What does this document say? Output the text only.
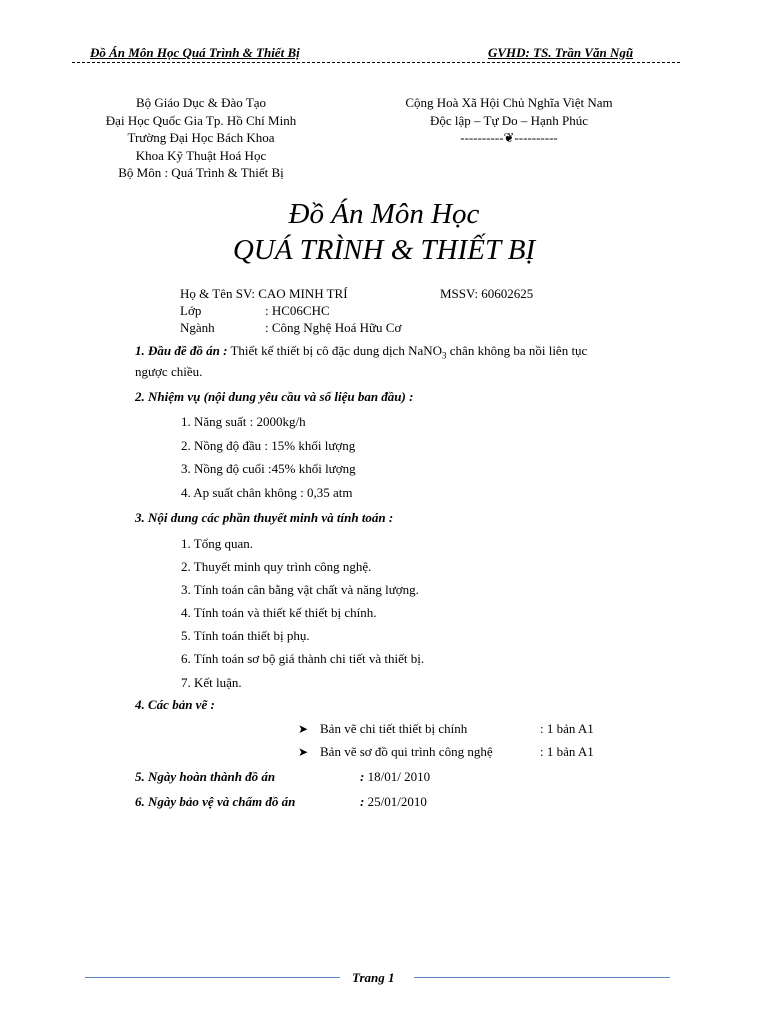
Đồ Án Môn Học Quá Trình & Thiết Bị	GVHD: TS. Trần Văn Ngũ
Bộ Giáo Dục & Đào Tạo
Đại Học Quốc Gia Tp. Hồ Chí Minh
Trường Đại Học Bách Khoa
Khoa Kỹ Thuật Hoá Học
Bộ Môn : Quá Trình & Thiết Bị
Cộng Hoà Xã Hội Chủ Nghĩa Việt Nam
Độc lập – Tự Do – Hạnh Phúc
----------❦----------
Đồ Án Môn Học
QUÁ TRÌNH & THIẾT BỊ
Họ & Tên SV: CAO MINH TRÍ	MSSV: 60602625
Lớp	: HC06CHC
Ngành	: Công Nghệ Hoá Hữu Cơ
1. Đầu đề đồ án : Thiết kế thiết bị cô đặc dung dịch NaNO$_3$ chân không ba nồi liên tục
ngược chiều.
2. Nhiệm vụ (nội dung yêu cầu và số liệu ban đầu) :
1. Năng suất : 2000kg/h
2. Nồng độ đầu : 15% khối lượng
3. Nồng độ cuối :45% khối lượng
4. Ap suất chân không : 0,35 atm
3. Nội dung các phần thuyết minh và tính toán :
1. Tổng quan.
2. Thuyết minh quy trình công nghệ.
3. Tính toán cân bằng vật chất và năng lượng.
4. Tính toán và thiết kế thiết bị chính.
5. Tính toán thiết bị phụ.
6. Tính toán sơ bộ giá thành chi tiết và thiết bị.
7. Kết luận.
4. Các bản vẽ :
➤ Bản vẽ chi tiết thiết bị chính	: 1 bản A1
➤ Bản vẽ sơ đồ qui trình công nghệ	: 1 bản A1
5. Ngày hoàn thành đồ án	: 18/01/ 2010
6. Ngày bảo vệ và chấm đồ án	: 25/01/2010
Trang 1
